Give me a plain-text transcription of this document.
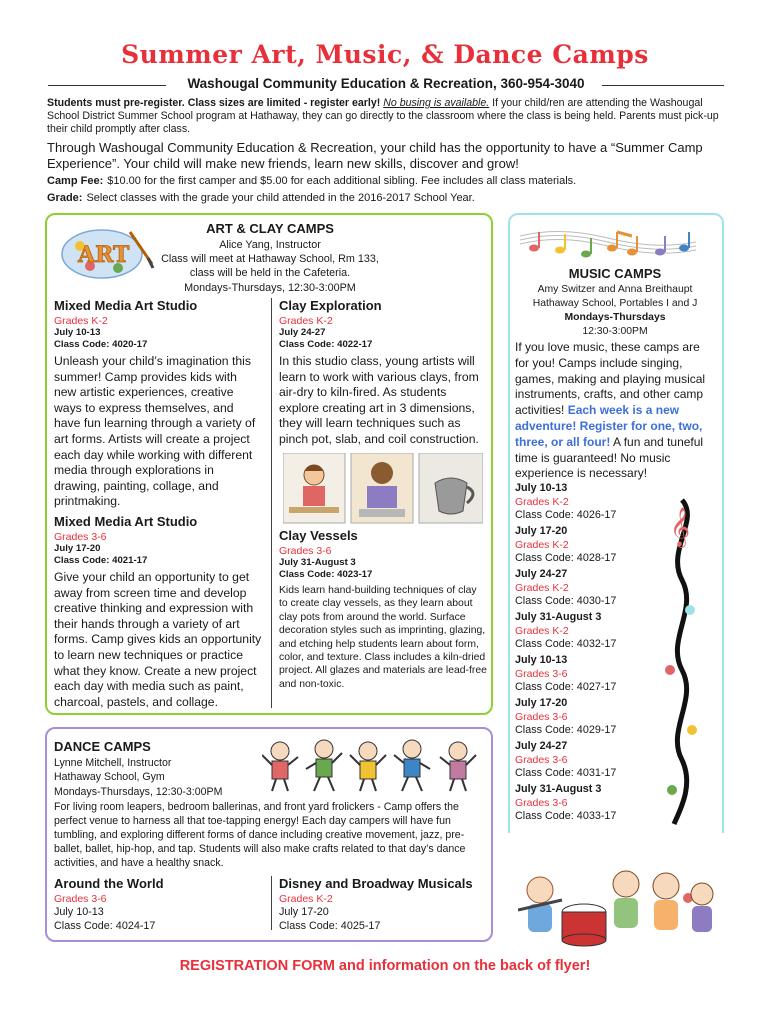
Summer Art, Music, & Dance Camps
Washougal Community Education & Recreation, 360-954-3040
Students must pre-register. Class sizes are limited - register early! No busing is available. If your child/ren are attending the Washougal School District Summer School program at Hathaway, they can go directly to the classroom where the class is being held. Parents must pick-up their child promptly after class.
Through Washougal Community Education & Recreation, your child has the opportunity to have a “Summer Camp Experience”. Your child will make new friends, learn new skills, discover and grow!
Camp Fee: $10.00 for the first camper and $5.00 for each additional sibling. Fee includes all class materials.
Grade: Select classes with the grade your child attended in the 2016-2017 School Year.
ART
ART & CLAY CAMPS
Alice Yang, Instructor
Class will meet at Hathaway School, Rm 133,
class will be held in the Cafeteria.
Mondays-Thursdays, 12:30-3:00PM
Mixed Media Art Studio
Grades K-2
July 10-13
Class Code: 4020-17
Unleash your child’s imagination this summer! Camp provides kids with new artistic experiences, creative ways to express themselves, and have fun learning through a variety of art forms. Artists will create a project each day while working with different media through explorations in drawing, painting, collage, and printmaking.
Mixed Media Art Studio
Grades 3-6
July 17-20
Class Code: 4021-17
Give your child an opportunity to get away from screen time and develop creative thinking and expression with their hands through a variety of art forms. Camp gives kids an opportunity to learn new techniques or practice what they know. Create a new project each day with media such as paint, charcoal, pastels, and collage.
Clay Exploration
Grades K-2
July 24-27
Class Code: 4022-17
In this studio class, young artists will learn to work with various clays, from air-dry to kiln-fired. As students explore creating art in 3 dimensions, they will learn techniques such as pinch pot, slab, and coil construction.
Clay Vessels
Grades 3-6
July 31-August 3
Class Code: 4023-17
Kids learn hand-building techniques of clay to create clay vessels, as they learn about clay pots from around the world. Surface decoration styles such as imprinting, glazing, and etching help students learn about form, color, and texture. Class includes a kiln-dried project. All glazes and materials are lead-free and non-toxic.
MUSIC CAMPS
Amy Switzer and Anna Breithaupt
Hathaway School, Portables I and J
Mondays-Thursdays
12:30-3:00PM
If you love music, these camps are for you! Camps include singing, games, making and playing musical instruments, crafts, and other camp activities! Each week is a new adventure! Register for one, two, three, or all four! A fun and tuneful time is guaranteed! No music experience is necessary!
July 10-13
Grades K-2
Class Code: 4026-17
July 17-20
Grades K-2
Class Code: 4028-17
July 24-27
Grades K-2
Class Code: 4030-17
July 31-August 3
Grades K-2
Class Code: 4032-17
July 10-13
Grades 3-6
Class Code: 4027-17
July 17-20
Grades 3-6
Class Code: 4029-17
July 24-27
Grades 3-6
Class Code: 4031-17
July 31-August 3
Grades 3-6
Class Code: 4033-17
𝄞
DANCE CAMPS
Lynne Mitchell, Instructor
Hathaway School, Gym
Mondays-Thursdays, 12:30-3:00PM
For living room leapers, bedroom ballerinas, and front yard frolickers - Camp offers the perfect venue to harness all that toe-tapping energy! Each day campers will have fun tumbling, and exploring different forms of dance including creative movement, jazz, pre-ballet, ballet, hip-hop, and tap. Students will also make crafts related to that day’s dance activities, and have a healthy snack.
Around the World
Grades 3-6
July 10-13
Class Code: 4024-17
Disney and Broadway Musicals
Grades K-2
July 17-20
Class Code: 4025-17
REGISTRATION FORM and information on the back of flyer!
